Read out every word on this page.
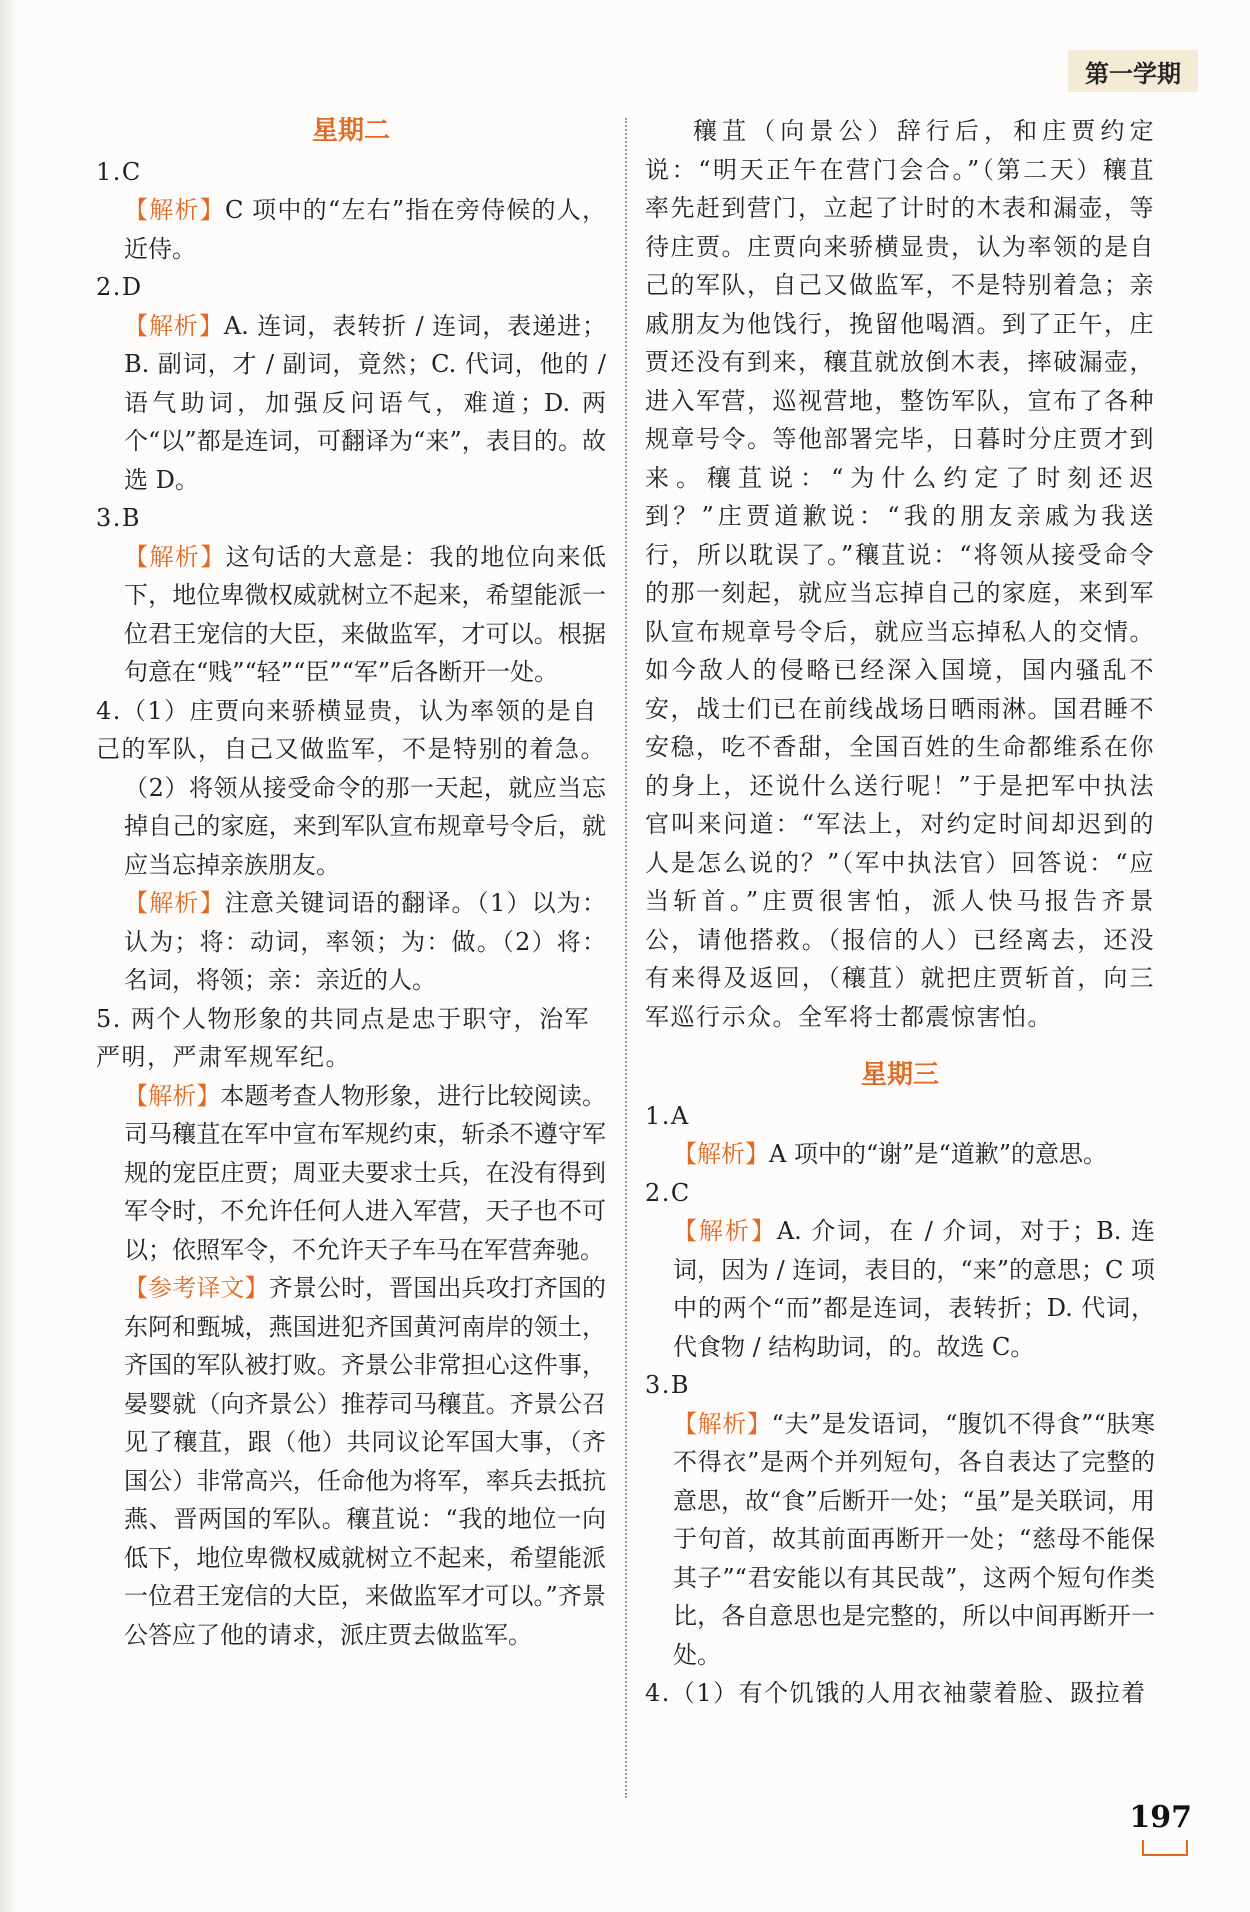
第一学期
星期二
1.C
【解析】C 项中的“左右”指在旁侍候的人，近侍。
2.D
【解析】A. 连词，表转折 / 连词，表递进；B. 副词，才 / 副词，竟然；C. 代词，他的 / 语气助词，加强反问语气，难道；D. 两个“以”都是连词，可翻译为“来”，表目的。故选 D。
3.B
【解析】这句话的大意是：我的地位向来低下，地位卑微权威就树立不起来，希望能派一位君王宠信的大臣，来做监军，才可以。根据句意在“贱”“轻”“臣”“军”后各断开一处。
4.（1）庄贾向来骄横显贵，认为率领的是自己的军队，自己又做监军，不是特别的着急。
（2）将领从接受命令的那一天起，就应当忘掉自己的家庭，来到军队宣布规章号令后，就应当忘掉亲族朋友。
【解析】注意关键词语的翻译。（1）以为：认为；将：动词，率领；为：做。（2）将：名词，将领；亲：亲近的人。
5. 两个人物形象的共同点是忠于职守，治军严明，严肃军规军纪。
【解析】本题考查人物形象，进行比较阅读。司马穰苴在军中宣布军规约束，斩杀不遵守军规的宠臣庄贾；周亚夫要求士兵，在没有得到军令时，不允许任何人进入军营，天子也不可以；依照军令，不允许天子车马在军营奔驰。
【参考译文】齐景公时，晋国出兵攻打齐国的东阿和甄城，燕国进犯齐国黄河南岸的领土，齐国的军队被打败。齐景公非常担心这件事，晏婴就（向齐景公）推荐司马穰苴。齐景公召见了穰苴，跟（他）共同议论军国大事，（齐国公）非常高兴，任命他为将军，率兵去抵抗燕、晋两国的军队。穰苴说：“我的地位一向低下，地位卑微权威就树立不起来，希望能派一位君王宠信的大臣，来做监军才可以。”齐景公答应了他的请求，派庄贾去做监军。
穰苴（向景公）辞行后，和庄贾约定说：“明天正午在营门会合。”（第二天）穰苴率先赶到营门，立起了计时的木表和漏壶，等待庄贾。庄贾向来骄横显贵，认为率领的是自己的军队，自己又做监军，不是特别着急；亲戚朋友为他饯行，挽留他喝酒。到了正午，庄贾还没有到来，穰苴就放倒木表，摔破漏壶，进入军营，巡视营地，整饬军队，宣布了各种规章号令。等他部署完毕，日暮时分庄贾才到来。穰苴说：“为什么约定了时刻还迟到？”庄贾道歉说：“我的朋友亲戚为我送行，所以耽误了。”穰苴说：“将领从接受命令的那一刻起，就应当忘掉自己的家庭，来到军队宣布规章号令后，就应当忘掉私人的交情。如今敌人的侵略已经深入国境，国内骚乱不安，战士们已在前线战场日晒雨淋。国君睡不安稳，吃不香甜，全国百姓的生命都维系在你的身上，还说什么送行呢！”于是把军中执法官叫来问道：“军法上，对约定时间却迟到的人是怎么说的？”（军中执法官）回答说：“应当斩首。”庄贾很害怕，派人快马报告齐景公，请他搭救。（报信的人）已经离去，还没有来得及返回，（穰苴）就把庄贾斩首，向三军巡行示众。全军将士都震惊害怕。
星期三
1.A
【解析】A 项中的“谢”是“道歉”的意思。
2.C
【解析】A. 介词，在 / 介词，对于；B. 连词，因为 / 连词，表目的，“来”的意思；C 项中的两个“而”都是连词，表转折；D. 代词，代食物 / 结构助词，的。故选 C。
3.B
【解析】“夫”是发语词，“腹饥不得食”“肤寒不得衣”是两个并列短句，各自表达了完整的意思，故“食”后断开一处；“虽”是关联词，用于句首，故其前面再断开一处；“慈母不能保其子”“君安能以有其民哉”，这两个短句作类比，各自意思也是完整的，所以中间再断开一处。
4.（1）有个饥饿的人用衣袖蒙着脸、趿拉着
197
